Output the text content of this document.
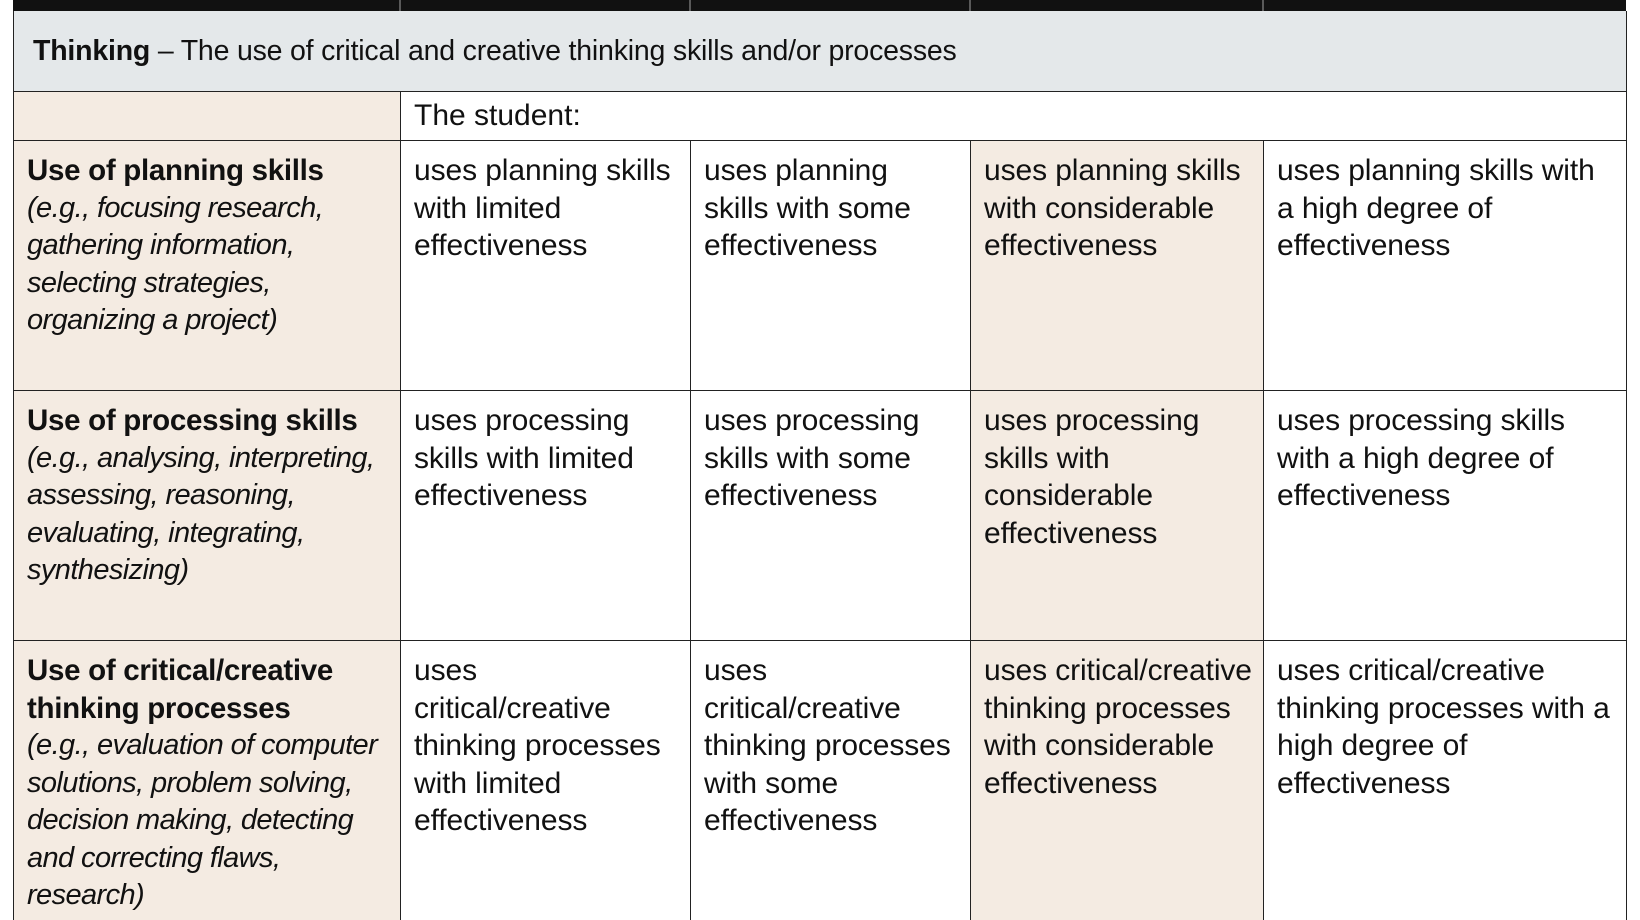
Thinking – The use of critical and creative thinking skills and/or processes				
	The student:			

Use of planning skills
(e.g., focusing research, gathering information, selecting strategies, organizing a project)	uses planning skills with limited effectiveness	uses planning skills with some effectiveness	uses planning skills with considerable effectiveness	uses planning skills with a high degree of effectiveness

Use of processing skills
(e.g., analysing, interpreting, assessing, reasoning, evaluating, integrating, synthesizing)	uses processing skills with limited effectiveness	uses processing skills with some effectiveness	uses processing skills with considerable effectiveness	uses processing skills with a high degree of effectiveness

Use of critical/creative thinking processes
(e.g., evaluation of computer solutions, problem solving, decision making, detecting and correcting flaws, research)	uses critical/creative thinking processes with limited effectiveness	uses critical/creative thinking processes with some effectiveness	uses critical/creative thinking processes with considerable effectiveness	uses critical/creative thinking processes with a high degree of effectiveness
